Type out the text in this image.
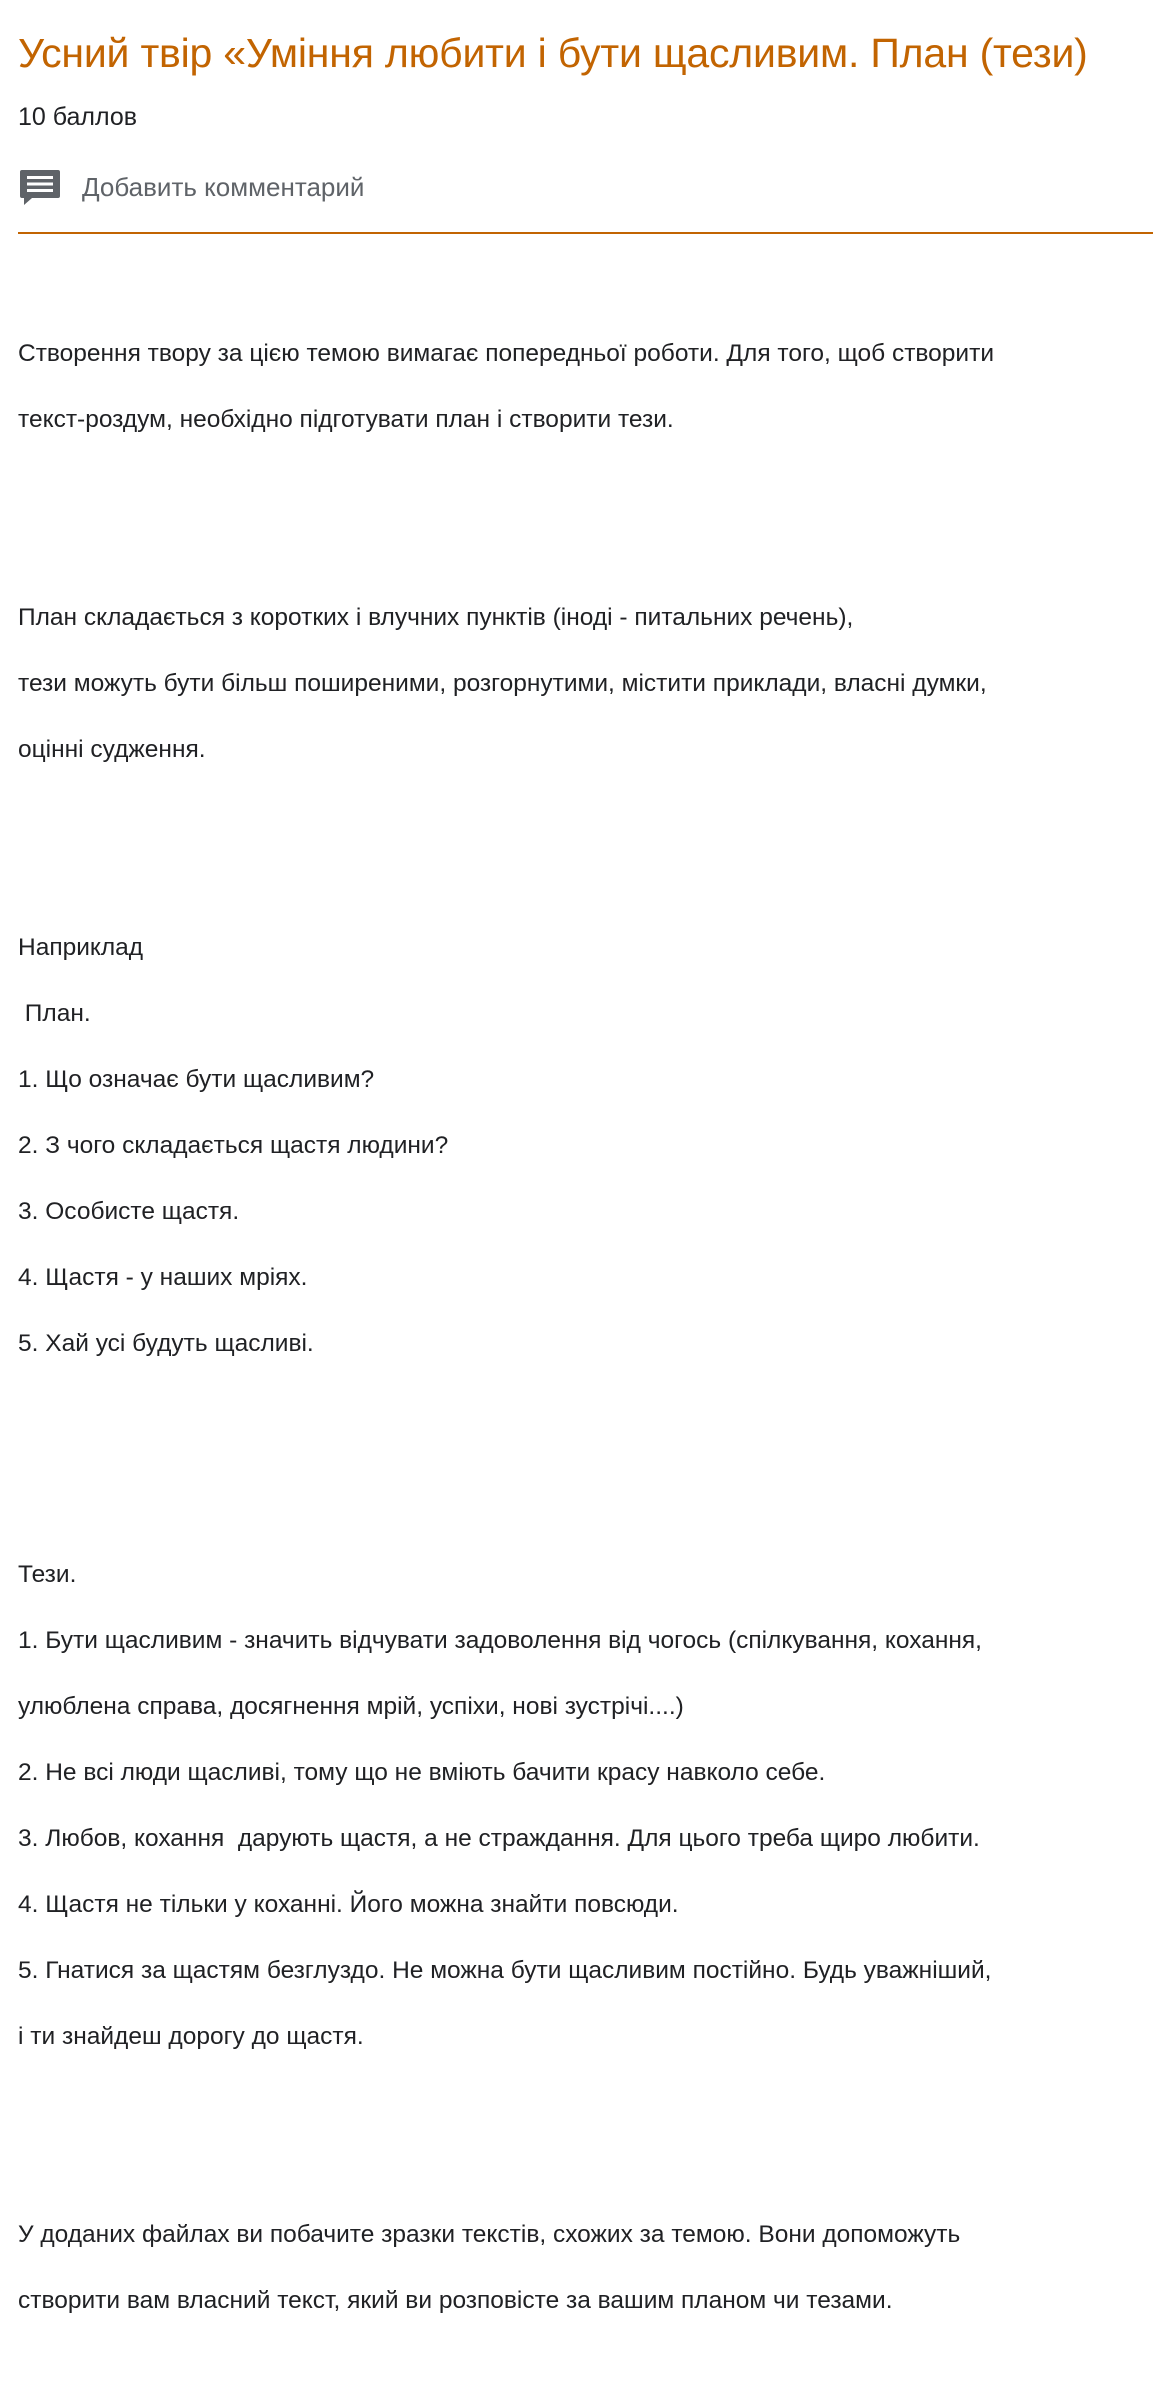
Усний твір «Уміння любити і бути щасливим. План (тези)
10 баллов
Добавить комментарий

Створення твору за цією темою вимагає попередньої роботи. Для того, щоб створити

текст-роздум, необхідно підготувати план і створити тези.

План складається з коротких і влучних пунктів (іноді - питальних речень),

тези можуть бути більш поширеними, розгорнутими, містити приклади, власні думки,

оцінні судження.

Наприклад

План.

1. Що означає бути щасливим?

2. З чого складається щастя людини?

3. Особисте щастя.

4. Щастя - у наших мріях.

5. Хай усі будуть щасливі.

Тези.

1. Бути щасливим - значить відчувати задоволення від чогось (спілкування, кохання,

улюблена справа, досягнення мрій, успіхи, нові зустрічі....)

2. Не всі люди щасливі, тому що не вміють бачити красу навколо себе.

3. Любов, кохання  дарують щастя, а не страждання. Для цього треба щиро любити.

4. Щастя не тільки у коханні. Його можна знайти повсюди.

5. Гнатися за щастям безглуздо. Не можна бути щасливим постійно. Будь уважніший,

і ти знайдеш дорогу до щастя.

У доданих файлах ви побачите зразки текстів, схожих за темою. Вони допоможуть

створити вам власний текст, який ви розповісте за вашим планом чи тезами.
